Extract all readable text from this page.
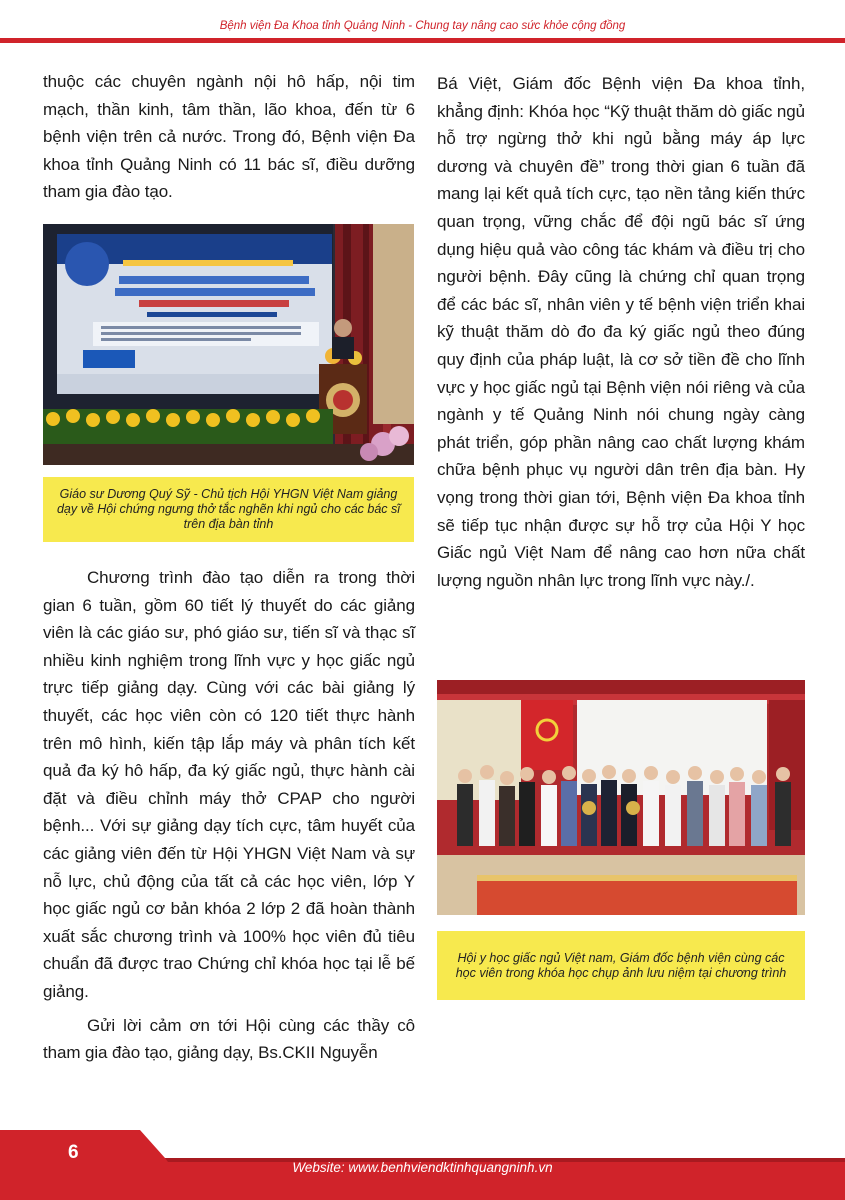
Bệnh viện Đa Khoa tỉnh Quảng Ninh - Chung tay nâng cao sức khỏe cộng đồng

thuộc các chuyên ngành nội hô hấp, nội tim mạch, thần kinh, tâm thần, lão khoa, đến từ 6 bệnh viện trên cả nước. Trong đó, Bệnh viện Đa khoa tỉnh Quảng Ninh có 11 bác sĩ, điều dưỡng tham gia đào tạo.

Giáo sư Dương Quý Sỹ - Chủ tịch Hội YHGN Việt Nam giảng dạy về Hội chứng ngưng thở tắc nghẽn khi ngủ cho các bác sĩ trên địa bàn tỉnh

Chương trình đào tạo diễn ra trong thời gian 6 tuần, gồm 60 tiết lý thuyết do các giảng viên là các giáo sư, phó giáo sư, tiến sĩ và thạc sĩ nhiều kinh nghiệm trong lĩnh vực y học giấc ngủ trực tiếp giảng dạy. Cùng với các bài giảng lý thuyết, các học viên còn có 120 tiết thực hành trên mô hình, kiến tập lắp máy và phân tích kết quả đa ký hô hấp, đa ký giấc ngủ, thực hành cài đặt và điều chỉnh máy thở CPAP cho người bệnh... Với sự giảng dạy tích cực, tâm huyết của các giảng viên đến từ Hội YHGN Việt Nam và sự nỗ lực, chủ động của tất cả các học viên, lớp Y học giấc ngủ cơ bản khóa 2 lớp 2 đã hoàn thành xuất sắc chương trình và 100% học viên đủ tiêu chuẩn đã được trao Chứng chỉ khóa học tại lễ bế giảng.

Gửi lời cảm ơn tới Hội cùng các thầy cô tham gia đào tạo, giảng dạy, Bs.CKII Nguyễn

Bá Việt, Giám đốc Bệnh viện Đa khoa tỉnh, khẳng định: Khóa học “Kỹ thuật thăm dò giấc ngủ hỗ trợ ngừng thở khi ngủ bằng máy áp lực dương và chuyên đề” trong thời gian 6 tuần đã mang lại kết quả tích cực, tạo nền tảng kiến thức quan trọng, vững chắc để đội ngũ bác sĩ ứng dụng hiệu quả vào công tác khám và điều trị cho người bệnh. Đây cũng là chứng chỉ quan trọng để các bác sĩ, nhân viên y tế bệnh viện triển khai kỹ thuật thăm dò đo đa ký giấc ngủ theo đúng quy định của pháp luật, là cơ sở tiền đề cho lĩnh vực y học giấc ngủ tại Bệnh viện nói riêng và của ngành y tế Quảng Ninh nói chung ngày càng phát triển, góp phần nâng cao chất lượng khám chữa bệnh phục vụ người dân trên địa bàn. Hy vọng trong thời gian tới, Bệnh viện Đa khoa tỉnh sẽ tiếp tục nhận được sự hỗ trợ của Hội Y học Giấc ngủ Việt Nam để nâng cao hơn nữa chất lượng nguồn nhân lực trong lĩnh vực này./.

Hội y học giấc ngủ Việt nam, Giám đốc bệnh viện cùng các học viên trong khóa học chụp ảnh lưu niệm tại chương trình
6
Website: www.benhviendktinhquangninh.vn
